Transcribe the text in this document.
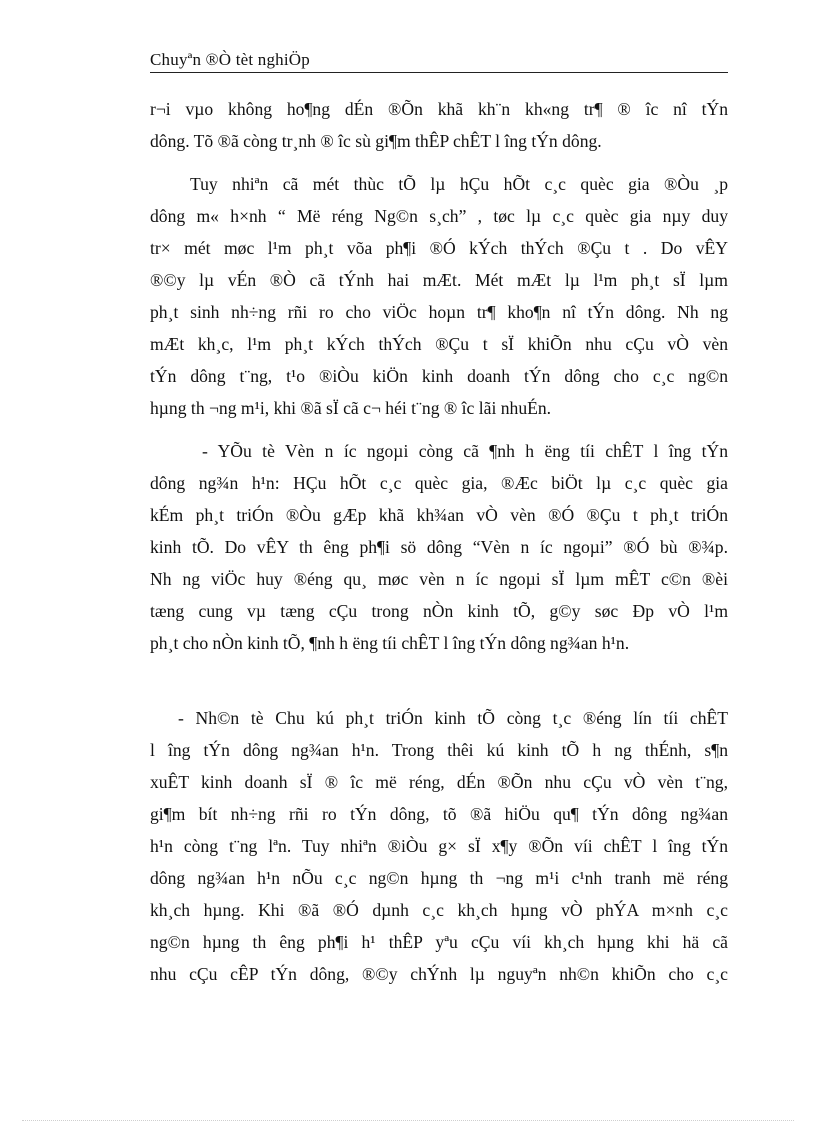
Chuyªn ®Ò tèt nghiÖp
r¬i vµo không ho¶ng dÉn ®Õn khã kh¨n kh«ng tr¶ ® îc nî tÝn
dông. Tõ ®ã còng tr¸nh ® îc sù gi¶m thÊP chÊT l îng tÝn dông.
Tuy nhiªn cã mét thùc tÕ lµ hÇu hÕt c¸c quèc gia ®Òu ¸p
dông m« h×nh “ Më réng Ng©n s¸ch” , tøc lµ c¸c quèc gia nµy duy
tr× mét møc l¹m ph¸t võa ph¶i ®Ó kÝch thÝch ®Çu t . Do vÊY
®©y lµ vÉn ®Ò cã tÝnh hai mÆt. Mét mÆt lµ l¹m ph¸t sÏ lµm
ph¸t sinh nh÷ng rñi ro cho viÖc hoµn tr¶ kho¶n nî tÝn dông. Nh ng
mÆt kh¸c, l¹m ph¸t kÝch thÝch ®Çu t sÏ khiÕn nhu cÇu vÒ vèn
tÝn dông t¨ng, t¹o ®iÒu kiÖn kinh doanh tÝn dông cho c¸c ng©n
hµng th ¬ng m¹i, khi ®ã sÏ cã c¬ héi t¨ng ® îc lãi nhuÉn.
- YÕu tè Vèn n íc ngoµi còng cã ¶nh h ëng tíi chÊT l îng tÝn
dông ng¾n h¹n: HÇu hÕt c¸c quèc gia, ®Æc biÖt lµ c¸c quèc gia
kÉm ph¸t triÓn ®Òu gÆp khã kh¾an vÒ vèn ®Ó ®Çu t ph¸t triÓn
kinh tÕ. Do vÊY th êng ph¶i sö dông “Vèn n íc ngoµi” ®Ó bù ®¾p.
Nh ng viÖc huy ®éng qu¸ møc vèn n íc ngoµi sÏ lµm mÊT c©n ®èi
tæng cung vµ tæng cÇu trong nÒn kinh tÕ, g©y søc Ðp vÒ l¹m
ph¸t cho nÒn kinh tÕ, ¶nh h ëng tíi chÊT l îng tÝn dông ng¾an h¹n.
- Nh©n tè Chu kú ph¸t triÓn kinh tÕ còng t¸c ®éng lín tíi chÊT
l îng tÝn dông ng¾an h¹n. Trong thêi kú kinh tÕ h ng thÉnh, s¶n
xuÊT kinh doanh sÏ ® îc më réng, dÉn ®Õn nhu cÇu vÒ vèn t¨ng,
gi¶m bít nh÷ng rñi ro tÝn dông, tõ ®ã hiÖu qu¶ tÝn dông ng¾an
h¹n còng t¨ng lªn. Tuy nhiªn ®iÒu g× sÏ x¶y ®Õn víi chÊT l îng tÝn
dông ng¾an h¹n nÕu c¸c ng©n hµng th ¬ng m¹i c¹nh tranh më réng
kh¸ch hµng. Khi ®ã ®Ó dµnh c¸c kh¸ch hµng vÒ phÝA m×nh c¸c
ng©n hµng th êng ph¶i h¹ thÊP yªu cÇu víi kh¸ch hµng khi hä cã
nhu cÇu cÊP tÝn dông, ®©y chÝnh lµ nguyªn nh©n khiÕn cho c¸c
